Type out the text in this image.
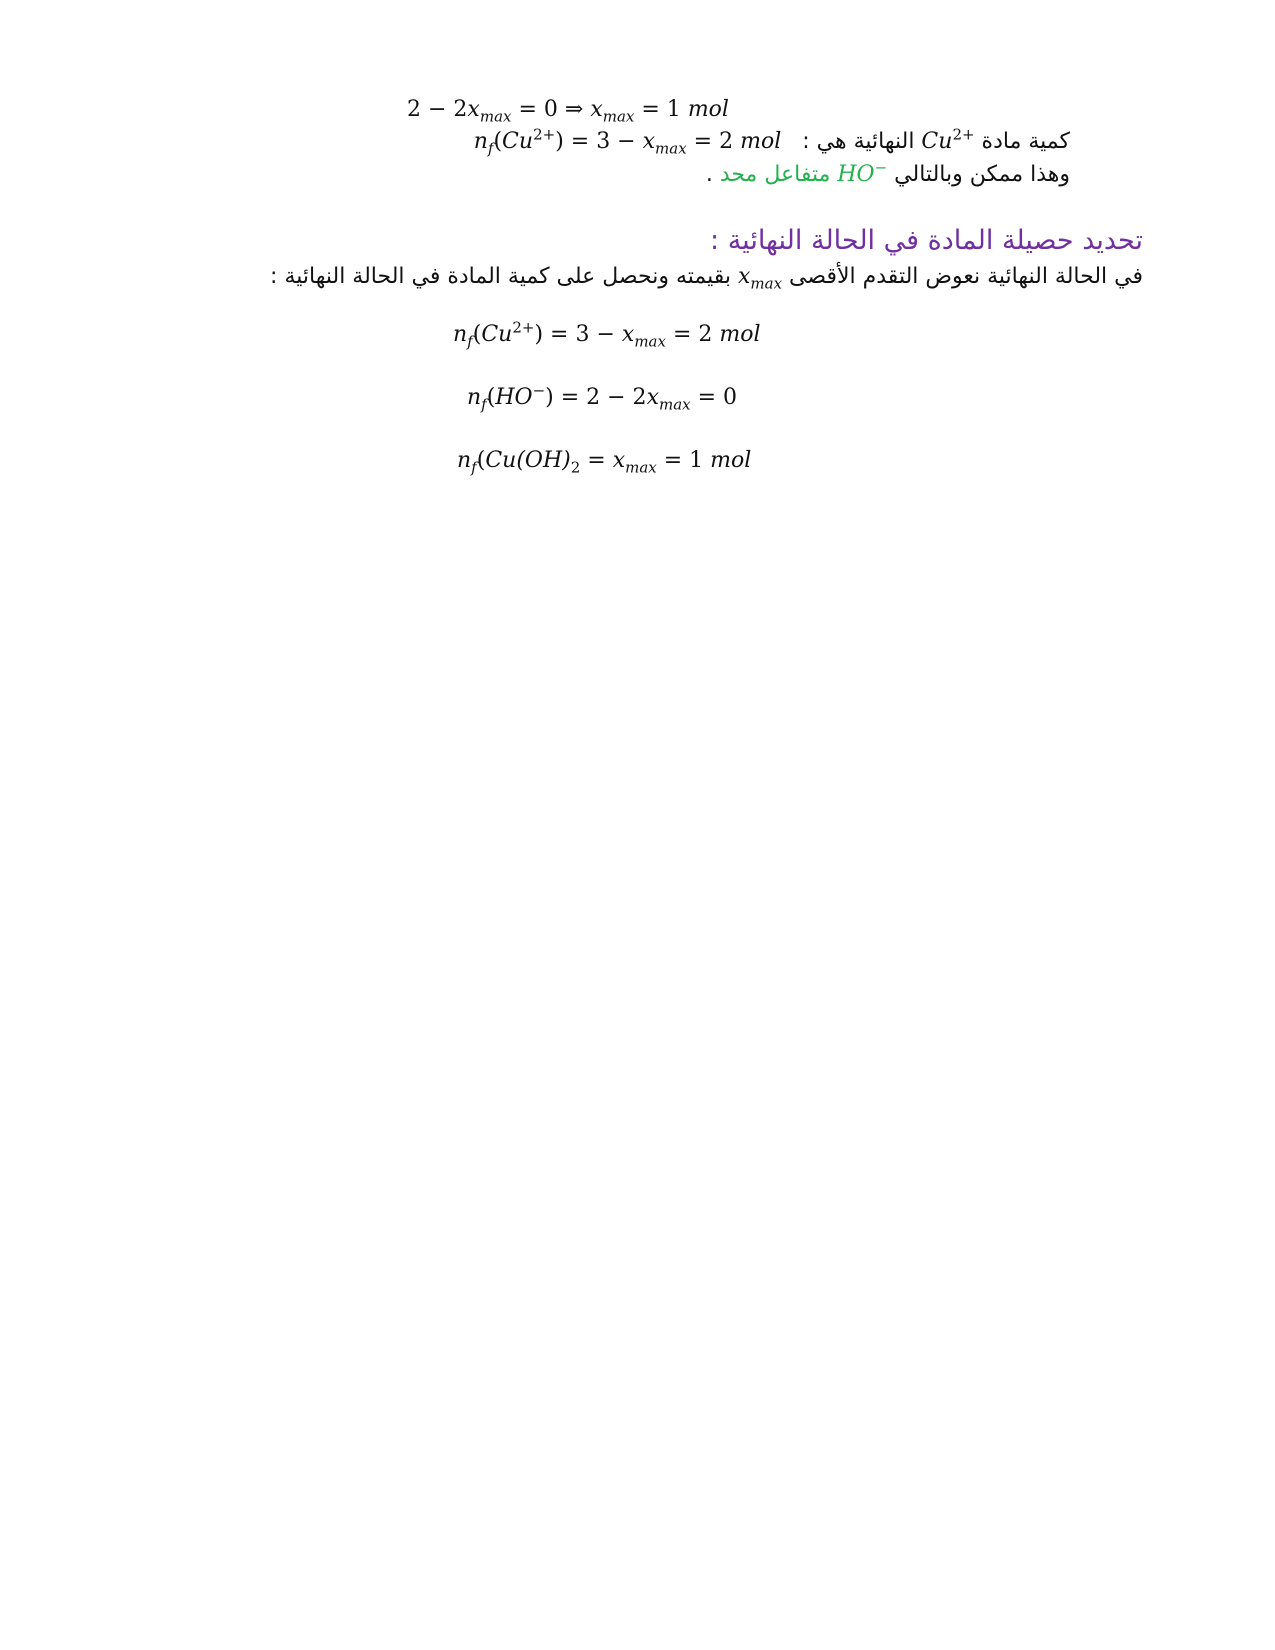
$2 - 2x_{max} = 0$ ⇒ $x_{max} = 1$ mol
كمية مادة $Cu^{2+}$ النهائية هي :   $n_f(Cu^{2+}) = 3 - x_{max} = 2$ mol
وهذا ممكن وبالتالي HO− متفاعل محد .
تحديد حصيلة المادة في الحالة النهائية :
في الحالة النهائية نعوض التقدم الأقصى $x_{max}$ بقيمته ونحصل على كمية المادة في الحالة النهائية :
$n_f(Cu^{2+}) = 3 - x_{max} = 2$ mol
$n_f(HO^-) = 2 - 2x_{max} = 0$
$n_f(Cu(OH)_2 = x_{max} = 1$ mol
